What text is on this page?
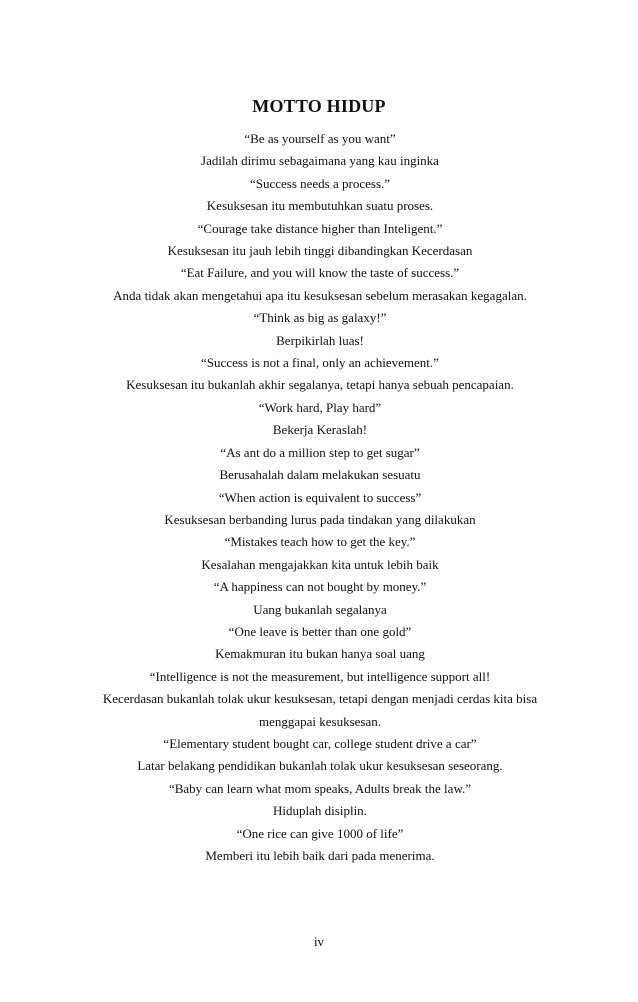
MOTTO HIDUP
“Be as yourself as you want”
Jadilah dirimu sebagaimana yang kau inginka
“Success needs a process.”
Kesuksesan itu membutuhkan suatu proses.
“Courage take distance higher than Inteligent.”
Kesuksesan itu jauh lebih tinggi dibandingkan Kecerdasan
“Eat Failure, and you will know the taste of success.”
Anda tidak akan mengetahui apa itu kesuksesan sebelum merasakan kegagalan.
“Think as big as galaxy!”
Berpikirlah luas!
“Success is not a final, only an achievement.”
Kesuksesan itu bukanlah akhir segalanya, tetapi hanya sebuah pencapaian.
“Work hard, Play hard”
Bekerja Keraslah!
“As ant do a million step to get sugar”
Berusahalah dalam melakukan sesuatu
“When action is equivalent to success”
Kesuksesan berbanding lurus pada tindakan yang dilakukan
“Mistakes teach how to get the key.”
Kesalahan mengajakkan kita untuk lebih baik
“A happiness can not bought by money.”
Uang bukanlah segalanya
“One leave is better than one gold”
Kemakmuran itu bukan hanya soal uang
“Intelligence is not the measurement, but intelligence support all!
Kecerdasan bukanlah tolak ukur kesuksesan, tetapi dengan menjadi cerdas kita bisa
menggapai kesuksesan.
“Elementary student bought car, college student drive a car”
Latar belakang pendidikan bukanlah tolak ukur kesuksesan seseorang.
“Baby can learn what mom speaks, Adults break the law.”
Hiduplah disiplin.
“One rice can give 1000 of life”
Memberi itu lebih baik dari pada menerima.
iv
